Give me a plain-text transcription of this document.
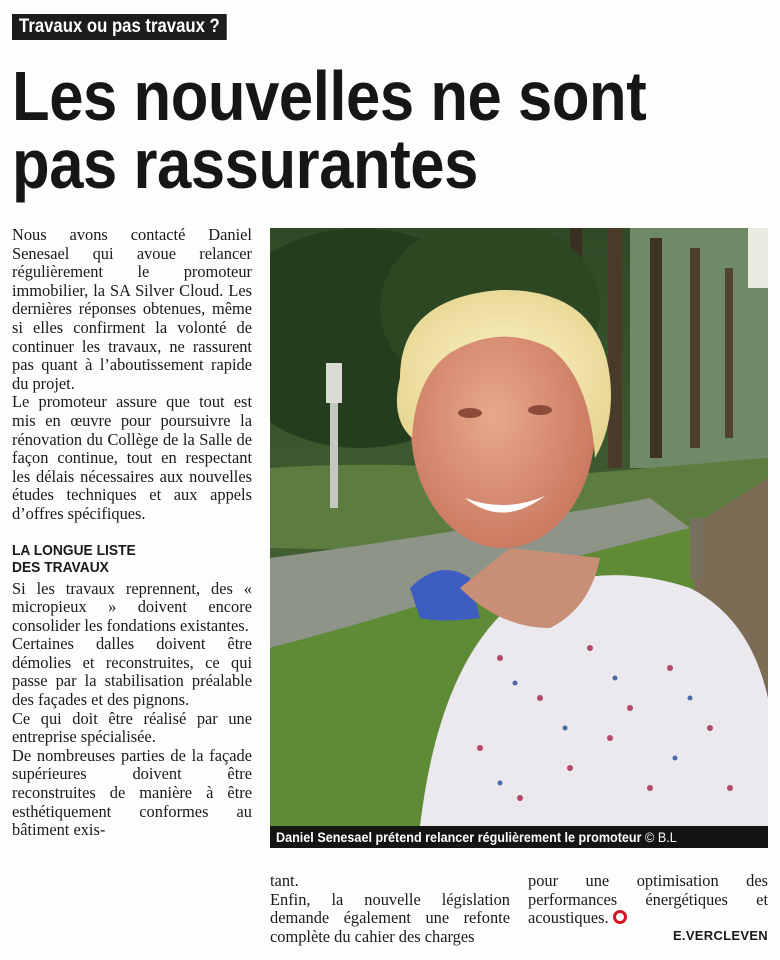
Travaux ou pas travaux ?
Les nouvelles ne sont
pas rassurantes

Nous avons contacté Daniel Senesael qui avoue relancer régulièrement le promoteur immobilier, la SA Silver Cloud. Les dernières réponses obtenues, même si elles confirment la volonté de continuer les travaux, ne rassurent pas quant à l’aboutissement rapide du projet.

Le promoteur assure que tout est mis en œuvre pour poursuivre la rénovation du Collège de la Salle de façon continue, tout en respectant les délais nécessaires aux nouvelles études techniques et aux appels d’offres spécifiques.

LA LONGUE LISTE
DES TRAVAUX

Si les travaux reprennent, des « micropieux » doivent encore consolider les fondations existantes.

Certaines dalles doivent être démolies et reconstruites, ce qui passe par la stabilisation préalable des façades et des pignons.

Ce qui doit être réalisé par une entreprise spécialisée.

De nombreuses parties de la façade supérieures doivent être reconstruites de manière à être esthétiquement conformes au bâtiment exis-	Daniel Senesael prétend relancer régulièrement le promoteur © B.L

tant.

Enfin, la nouvelle législation demande également une refonte complète du cahier des charges

pour une optimisation des performances énergétiques et acoustiques.

E.VERCLEVEN
